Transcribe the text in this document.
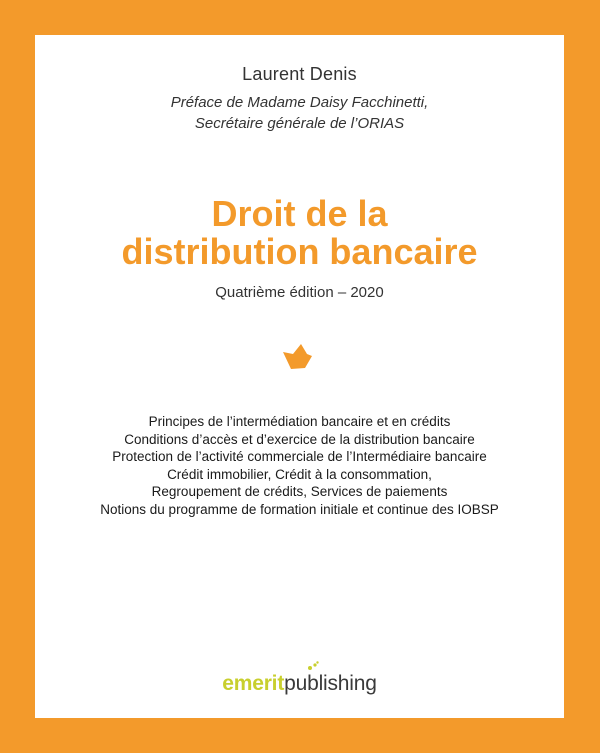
Laurent Denis
Préface de Madame Daisy Facchinetti,
Secrétaire générale de l’ORIAS
Droit de la
distribution bancaire
Quatrième édition – 2020
Principes de l’intermédiation bancaire et en crédits
Conditions d’accès et d’exercice de la distribution bancaire
Protection de l’activité commerciale de l’Intermédiaire bancaire
Crédit immobilier, Crédit à la consommation,
Regroupement de crédits, Services de paiements
Notions du programme de formation initiale et continue des IOBSP
emeritpublishing
